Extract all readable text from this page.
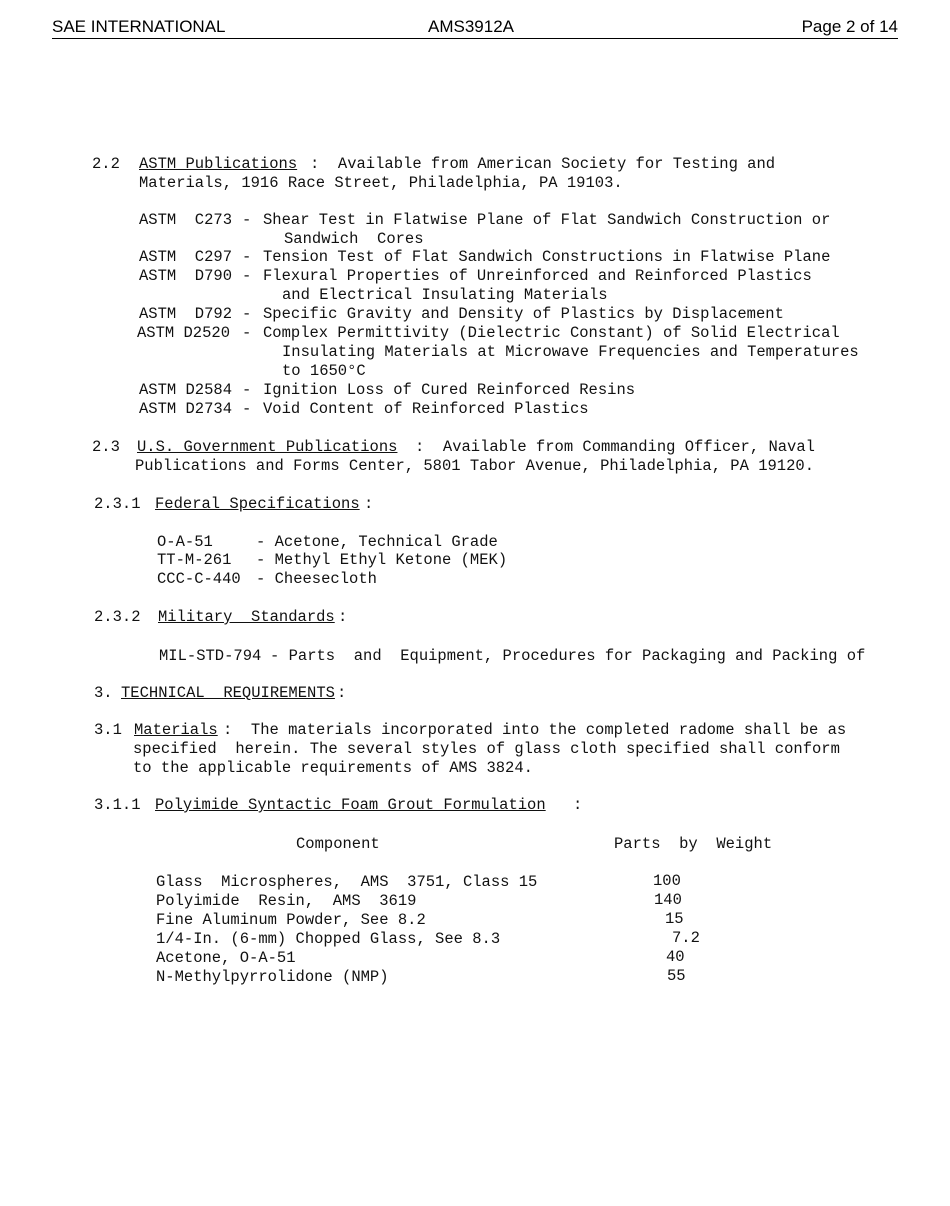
SAE INTERNATIONAL	AMS3912A	Page 2 of 14
2.2 ASTM Publications :  Available from American Society for Testing and
Materials, 1916 Race Street, Philadelphia, PA 19103.
ASTM  C273 - Shear Test in Flatwise Plane of Flat Sandwich Construction or
Sandwich  Cores
ASTM  C297 - Tension Test of Flat Sandwich Constructions in Flatwise Plane
ASTM  D790 - Flexural Properties of Unreinforced and Reinforced Plastics
and Electrical Insulating Materials
ASTM  D792 - Specific Gravity and Density of Plastics by Displacement
ASTM D2520 - Complex Permittivity (Dielectric Constant) of Solid Electrical
Insulating Materials at Microwave Frequencies and Temperatures
to 1650°C
ASTM D2584 - Ignition Loss of Cured Reinforced Resins
ASTM D2734 - Void Content of Reinforced Plastics
2.3 U.S. Government Publications :  Available from Commanding Officer, Naval
Publications and Forms Center, 5801 Tabor Avenue, Philadelphia, PA 19120.
2.3.1 Federal Specifications :
O-A-51	- Acetone, Technical Grade
TT-M-261 - Methyl Ethyl Ketone (MEK)
CCC-C-440 - Cheesecloth
2.3.2 Military  Standards :
MIL-STD-794 - Parts  and  Equipment, Procedures for Packaging and Packing of
3. TECHNICAL  REQUIREMENTS :
3.1 Materials :  The materials incorporated into the completed radome shall be as
specified  herein. The several styles of glass cloth specified shall conform
to the applicable requirements of AMS 3824.
3.1.1 Polyimide Syntactic Foam Grout Formulation :
Component	Parts  by  Weight
Glass  Microspheres,  AMS  3751, Class 15	100
Polyimide  Resin,  AMS  3619	140
Fine Aluminum Powder, See 8.2	15
1/4-In. (6-mm) Chopped Glass, See 8.3	7.2
Acetone, O-A-51	40
N-Methylpyrrolidone (NMP)	55
